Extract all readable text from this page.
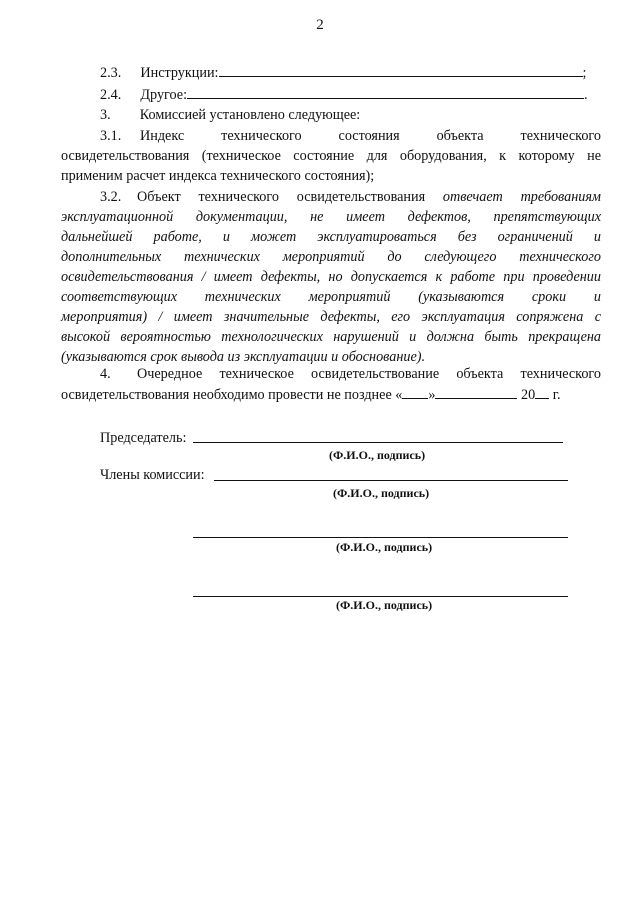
2
2.3. Инструкции:	;
2.4. Другое:	.
3. Комиссией установлено следующее:
3.1. Индекс технического состояния объекта технического
освидетельствования (техническое состояние для оборудования, к которому не
применим расчет индекса технического состояния);
3.2. Объект технического освидетельствования отвечает требованиям
эксплуатационной документации, не имеет дефектов, препятствующих
дальнейшей работе, и может эксплуатироваться без ограничений и
дополнительных технических мероприятий до следующего технического
освидетельствования / имеет дефекты, но допускается к работе при проведении
соответствующих технических мероприятий (указываются сроки и
мероприятия) / имеет значительные дефекты, его эксплуатация сопряжена с
высокой вероятностью технологических нарушений и должна быть прекращена
(указываются срок вывода из эксплуатации и обоснование).
4. Очередное техническое освидетельствование объекта технического
освидетельствования необходимо провести не позднее « »	20 г.
Председатель:
(Ф.И.О., подпись)
Члены комиссии:
(Ф.И.О., подпись)
(Ф.И.О., подпись)
(Ф.И.О., подпись)
